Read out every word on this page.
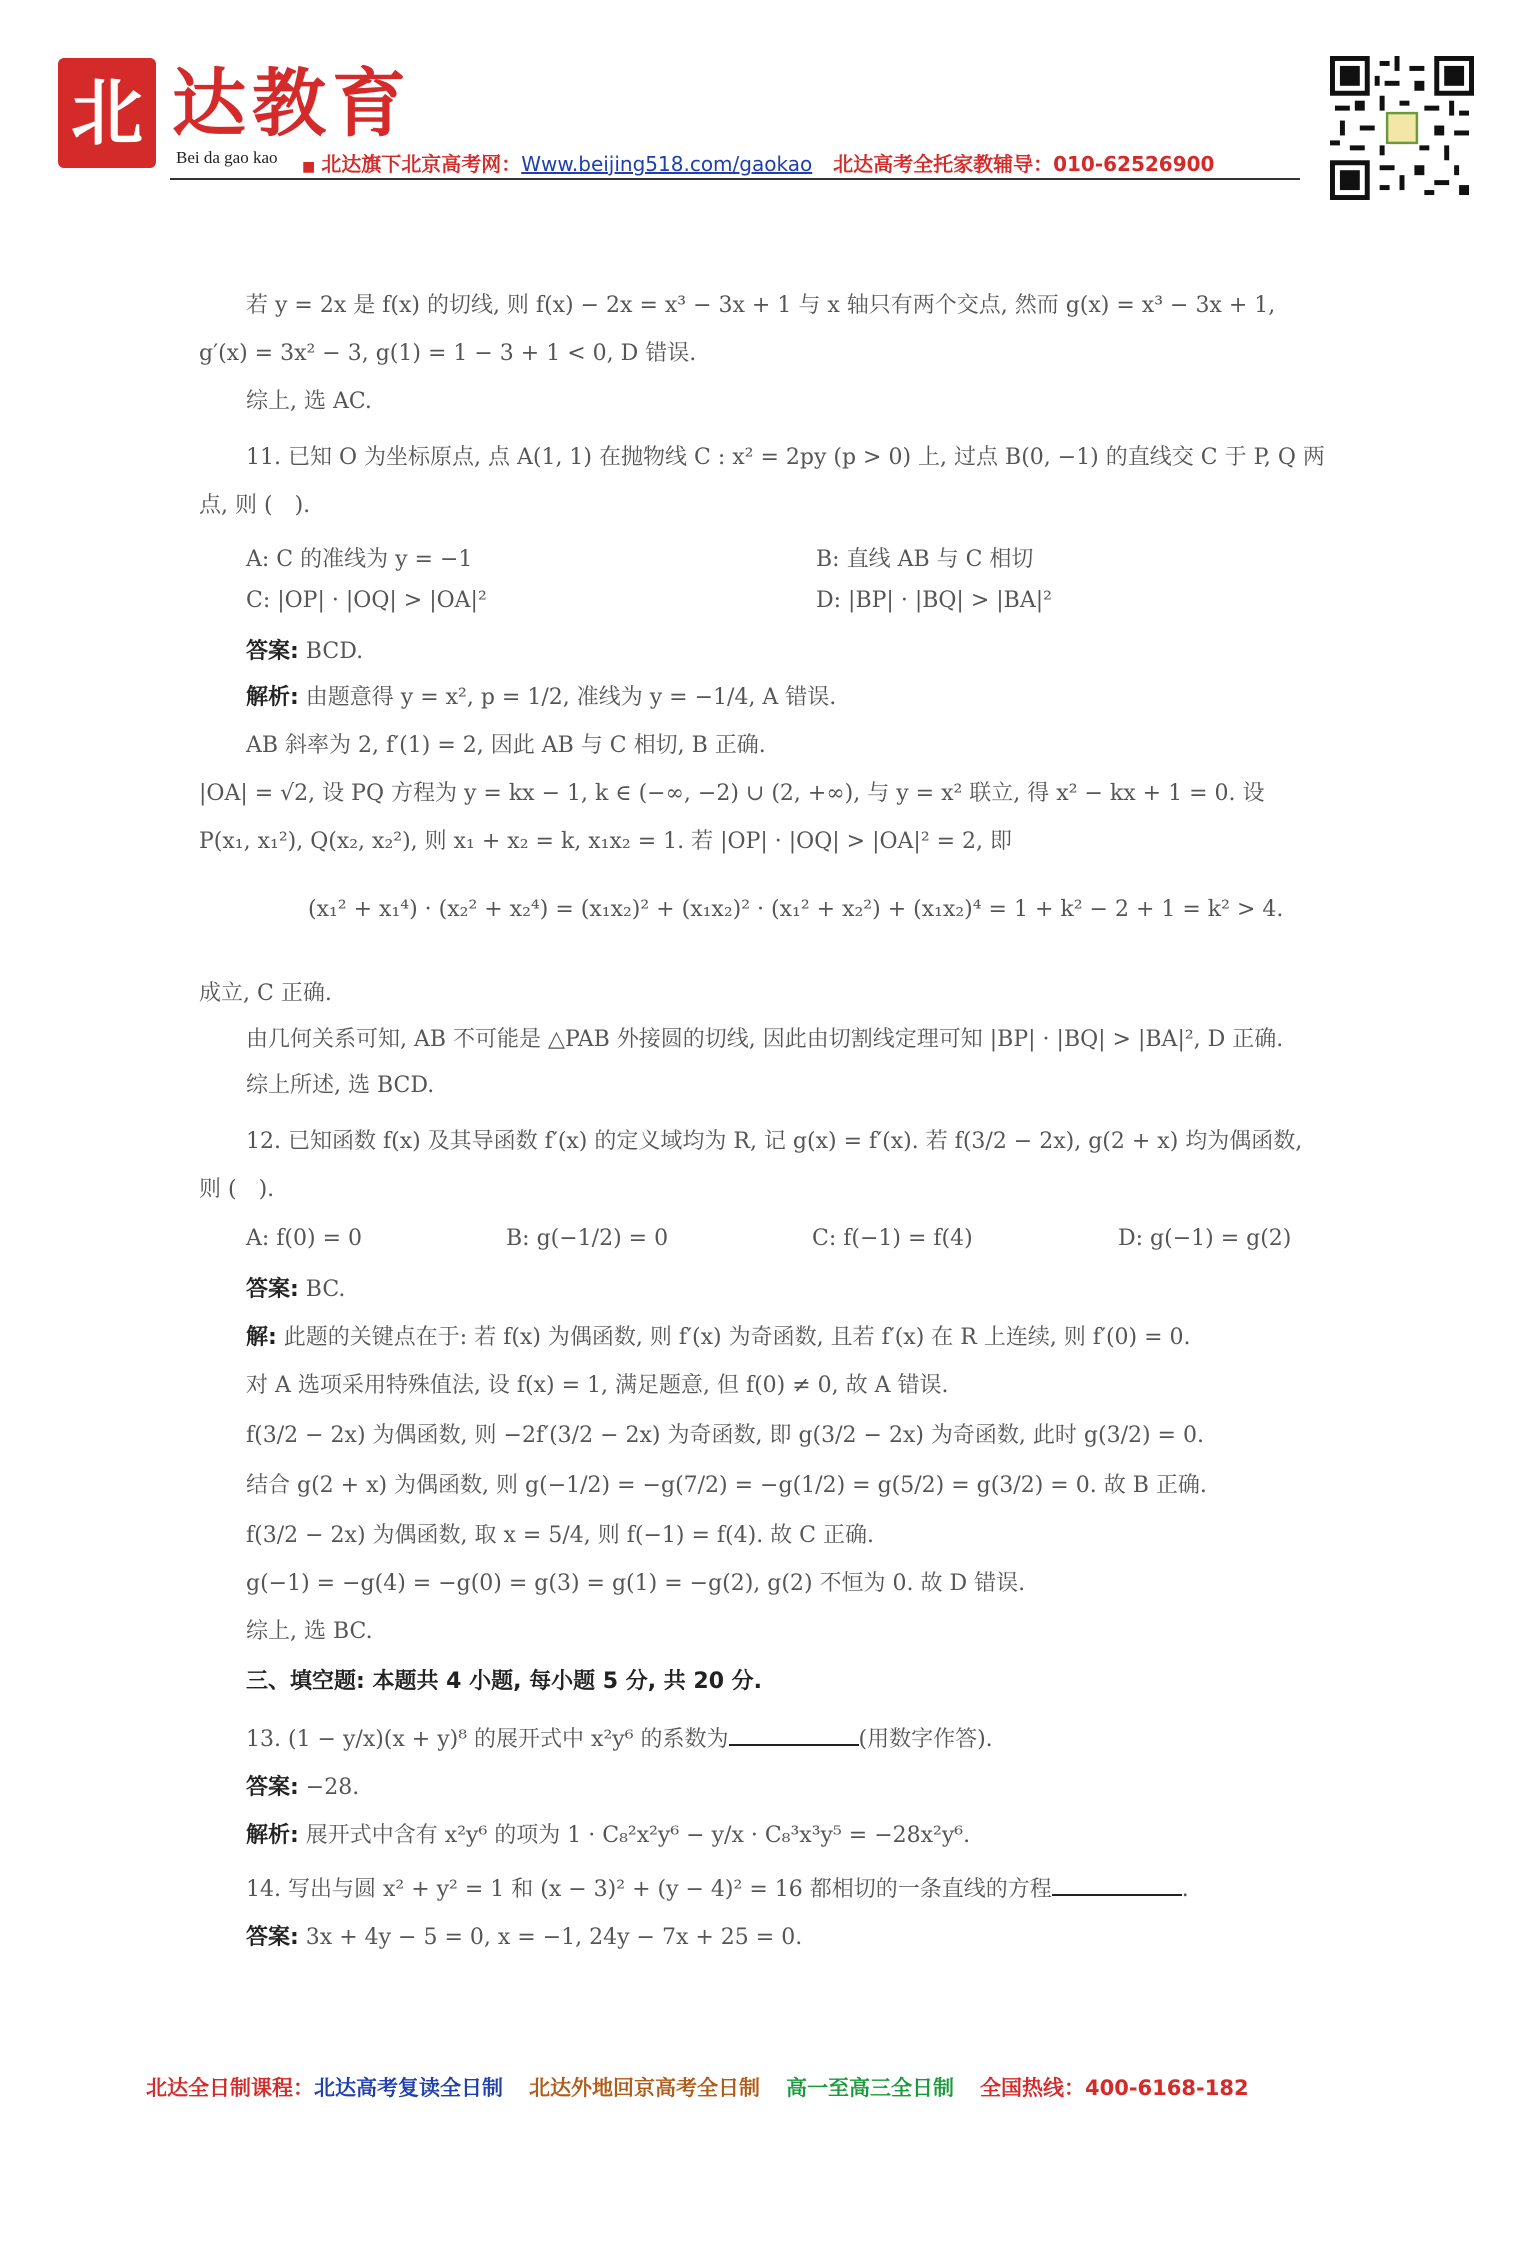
北 达教育
Bei da gao kao ■ 北达旗下北京高考网：Www.beijing518.com/gaokao 北达高考全托家教辅导：010-62526900
若 y = 2x 是 f(x) 的切线, 则 f(x) − 2x = x³ − 3x + 1 与 x 轴只有两个交点, 然而 g(x) = x³ − 3x + 1,
g′(x) = 3x² − 3, g(1) = 1 − 3 + 1 < 0, D 错误.
综上, 选 AC.
11. 已知 O 为坐标原点, 点 A(1, 1) 在抛物线 C : x² = 2py (p > 0) 上, 过点 B(0, −1) 的直线交 C 于 P, Q 两
点, 则 (　).
A: C 的准线为 y = −1	B: 直线 AB 与 C 相切
C: |OP| · |OQ| > |OA|²	D: |BP| · |BQ| > |BA|²
答案: BCD.
解析: 由题意得 y = x², p = 1/2, 准线为 y = −1/4, A 错误.
AB 斜率为 2, f′(1) = 2, 因此 AB 与 C 相切, B 正确.
|OA| = √2, 设 PQ 方程为 y = kx − 1, k ∈ (−∞, −2) ∪ (2, +∞), 与 y = x² 联立, 得 x² − kx + 1 = 0. 设
P(x₁, x₁²), Q(x₂, x₂²), 则 x₁ + x₂ = k, x₁x₂ = 1. 若 |OP| · |OQ| > |OA|² = 2, 即
(x₁² + x₁⁴) · (x₂² + x₂⁴) = (x₁x₂)² + (x₁x₂)² · (x₁² + x₂²) + (x₁x₂)⁴ = 1 + k² − 2 + 1 = k² > 4.
成立, C 正确.
由几何关系可知, AB 不可能是 △PAB 外接圆的切线, 因此由切割线定理可知 |BP| · |BQ| > |BA|², D 正确.
综上所述, 选 BCD.
12. 已知函数 f(x) 及其导函数 f′(x) 的定义域均为 R, 记 g(x) = f′(x). 若 f(3/2 − 2x), g(2 + x) 均为偶函数,
则 (　).
A: f(0) = 0	B: g(−1/2) = 0	C: f(−1) = f(4)	D: g(−1) = g(2)
答案: BC.
解: 此题的关键点在于: 若 f(x) 为偶函数, 则 f′(x) 为奇函数, 且若 f′(x) 在 R 上连续, 则 f′(0) = 0.
对 A 选项采用特殊值法, 设 f(x) = 1, 满足题意, 但 f(0) ≠ 0, 故 A 错误.
f(3/2 − 2x) 为偶函数, 则 −2f′(3/2 − 2x) 为奇函数, 即 g(3/2 − 2x) 为奇函数, 此时 g(3/2) = 0.
结合 g(2 + x) 为偶函数, 则 g(−1/2) = −g(7/2) = −g(1/2) = g(5/2) = g(3/2) = 0. 故 B 正确.
f(3/2 − 2x) 为偶函数, 取 x = 5/4, 则 f(−1) = f(4). 故 C 正确.
g(−1) = −g(4) = −g(0) = g(3) = g(1) = −g(2), g(2) 不恒为 0. 故 D 错误.
综上, 选 BC.
三、填空题: 本题共 4 小题, 每小题 5 分, 共 20 分.
13. (1 − y/x)(x + y)⁸ 的展开式中 x²y⁶ 的系数为	(用数字作答).
答案: −28.
解析: 展开式中含有 x²y⁶ 的项为 1 · C₈²x²y⁶ − y/x · C₈³x³y⁵ = −28x²y⁶.
14. 写出与圆 x² + y² = 1 和 (x − 3)² + (y − 4)² = 16 都相切的一条直线的方程	.
答案: 3x + 4y − 5 = 0, x = −1, 24y − 7x + 25 = 0.
北达全日制课程：北达高考复读全日制 北达外地回京高考全日制 高一至高三全日制 全国热线：400-6168-182
